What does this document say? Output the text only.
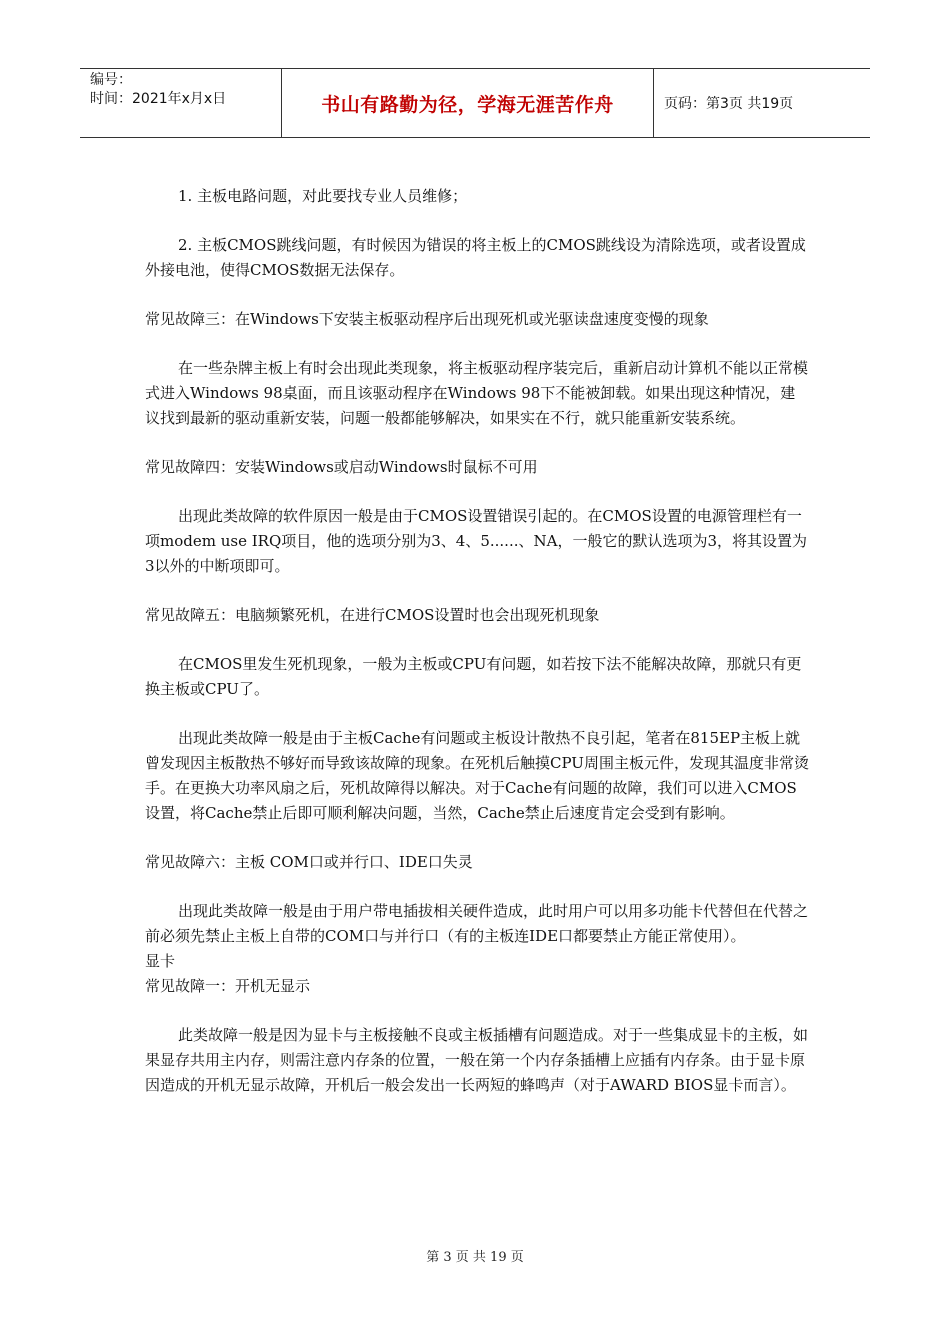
编号：
时间：2021年x月x日	书山有路勤为径，学海无涯苦作舟	页码：第3页 共19页

1. 主板电路问题，对此要找专业人员维修；

2. 主板CMOS跳线问题，有时候因为错误的将主板上的CMOS跳线设为清除选项，或者设置成外接电池，使得CMOS数据无法保存。

常见故障三：在Windows下安装主板驱动程序后出现死机或光驱读盘速度变慢的现象

在一些杂牌主板上有时会出现此类现象，将主板驱动程序装完后，重新启动计算机不能以正常模式进入Windows 98桌面，而且该驱动程序在Windows 98下不能被卸载。如果出现这种情况，建议找到最新的驱动重新安装，问题一般都能够解决，如果实在不行，就只能重新安装系统。

常见故障四：安装Windows或启动Windows时鼠标不可用

出现此类故障的软件原因一般是由于CMOS设置错误引起的。在CMOS设置的电源管理栏有一项modem use IRQ项目，他的选项分别为3、4、5......、NA，一般它的默认选项为3，将其设置为3以外的中断项即可。

常见故障五：电脑频繁死机，在进行CMOS设置时也会出现死机现象

在CMOS里发生死机现象，一般为主板或CPU有问题，如若按下法不能解决故障，那就只有更换主板或CPU了。

出现此类故障一般是由于主板Cache有问题或主板设计散热不良引起，笔者在815EP主板上就曾发现因主板散热不够好而导致该故障的现象。在死机后触摸CPU周围主板元件，发现其温度非常烫手。在更换大功率风扇之后，死机故障得以解决。对于Cache有问题的故障，我们可以进入CMOS设置，将Cache禁止后即可顺利解决问题，当然，Cache禁止后速度肯定会受到有影响。

常见故障六：主板 COM口或并行口、IDE口失灵

出现此类故障一般是由于用户带电插拔相关硬件造成，此时用户可以用多功能卡代替但在代替之前必须先禁止主板上自带的COM口与并行口（有的主板连IDE口都要禁止方能正常使用）。

显卡

常见故障一：开机无显示

此类故障一般是因为显卡与主板接触不良或主板插槽有问题造成。对于一些集成显卡的主板，如果显存共用主内存，则需注意内存条的位置，一般在第一个内存条插槽上应插有内存条。由于显卡原因造成的开机无显示故障，开机后一般会发出一长两短的蜂鸣声（对于AWARD BIOS显卡而言）。

第 3 页 共 19 页
